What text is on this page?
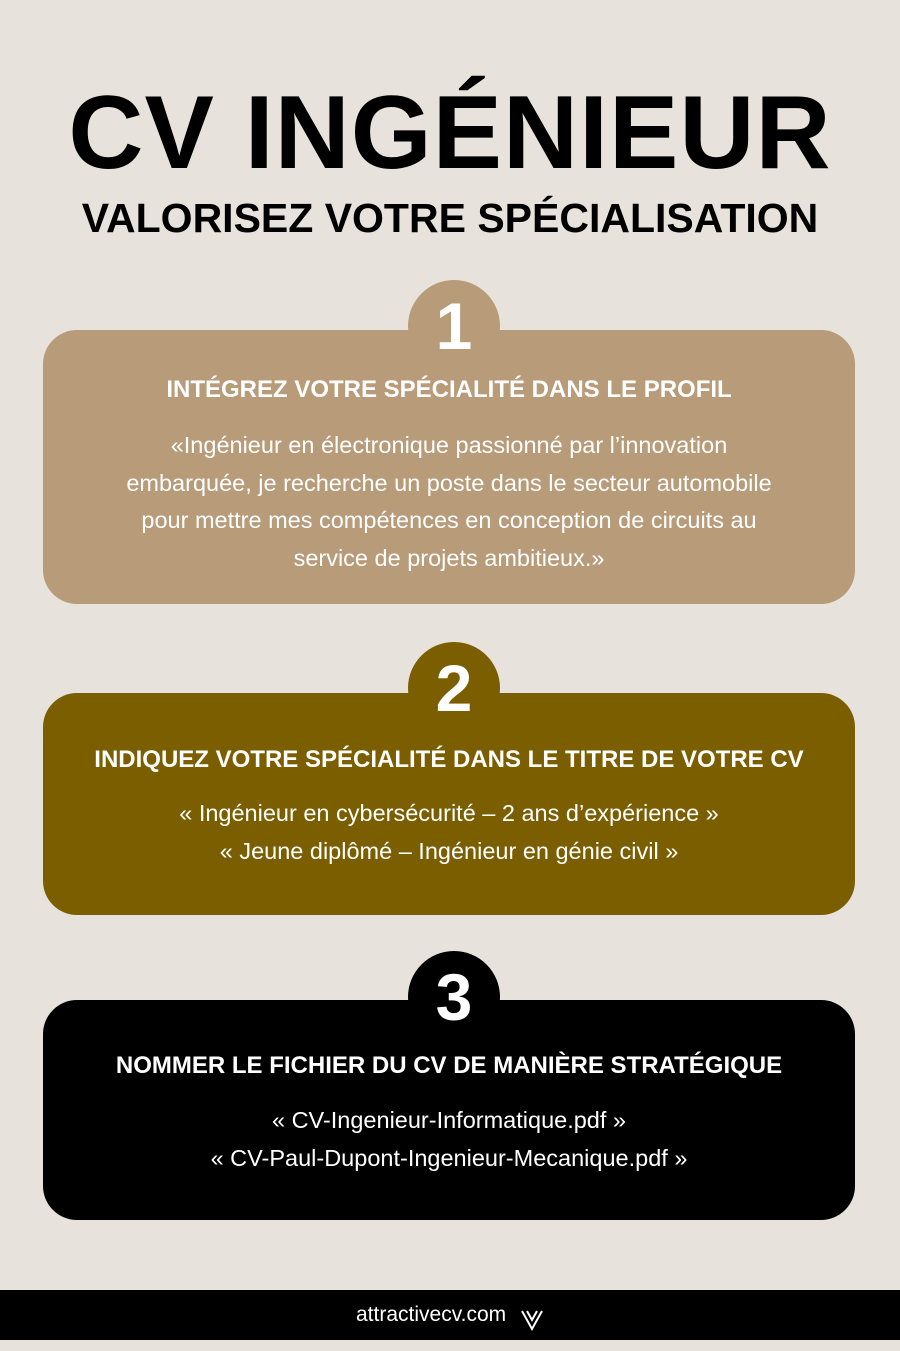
CV INGÉNIEUR
VALORISEZ VOTRE SPÉCIALISATION
INTÉGREZ VOTRE SPÉCIALITÉ DANS LE PROFIL
«Ingénieur en électronique passionné par l’innovation
embarquée, je recherche un poste dans le secteur automobile
pour mettre mes compétences en conception de circuits au
service de projets ambitieux.»
1
INDIQUEZ VOTRE SPÉCIALITÉ DANS LE TITRE DE VOTRE CV
« Ingénieur en cybersécurité – 2 ans d’expérience »
« Jeune diplômé – Ingénieur en génie civil »
2
NOMMER LE FICHIER DU CV DE MANIÈRE STRATÉGIQUE
« CV-Ingenieur-Informatique.pdf »
« CV-Paul-Dupont-Ingenieur-Mecanique.pdf »
3
attractivecv.com
